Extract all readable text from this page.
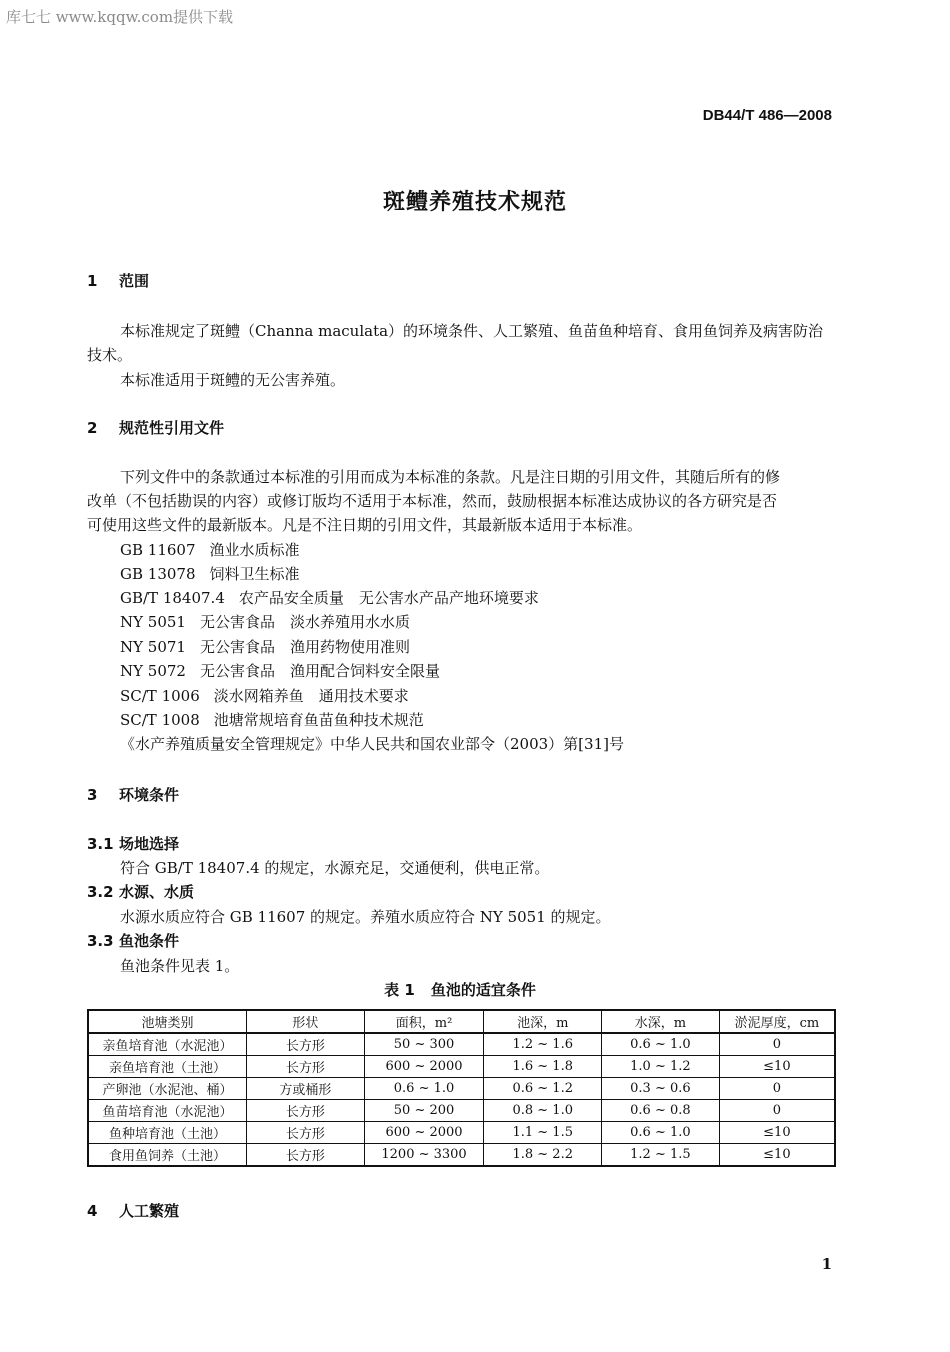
库七七 www.kqqw.com提供下载
DB44/T 486—2008
斑鳢养殖技术规范
1 范围
本标准规定了斑鳢（Channa maculata）的环境条件、人工繁殖、鱼苗鱼种培育、食用鱼饲养及病害防治
技术。
本标准适用于斑鳢的无公害养殖。
2 规范性引用文件
下列文件中的条款通过本标准的引用而成为本标准的条款。凡是注日期的引用文件，其随后所有的修
改单（不包括勘误的内容）或修订版均不适用于本标准，然而，鼓励根据本标准达成协议的各方研究是否
可使用这些文件的最新版本。凡是不注日期的引用文件，其最新版本适用于本标准。
GB 11607 渔业水质标准
GB 13078 饲料卫生标准
GB/T 18407.4 农产品安全质量　无公害水产品产地环境要求
NY 5051 无公害食品　淡水养殖用水水质
NY 5071 无公害食品　渔用药物使用准则
NY 5072 无公害食品　渔用配合饲料安全限量
SC/T 1006 淡水网箱养鱼　通用技术要求
SC/T 1008 池塘常规培育鱼苗鱼种技术规范
《水产养殖质量安全管理规定》中华人民共和国农业部令（2003）第[31]号
3 环境条件
3.1 场地选择
符合 GB/T 18407.4 的规定，水源充足，交通便利，供电正常。
3.2 水源、水质
水源水质应符合 GB 11607 的规定。养殖水质应符合 NY 5051 的规定。
3.3 鱼池条件
鱼池条件见表 1。
表 1 鱼池的适宜条件
池塘类别	形状	面积，m²	池深，m	水深，m	淤泥厚度，cm
亲鱼培育池（水泥池）	长方形	50 ~ 300	1.2 ~ 1.6	0.6 ~ 1.0	0
亲鱼培育池（土池）	长方形	600 ~ 2000	1.6 ~ 1.8	1.0 ~ 1.2	≤10
产卵池（水泥池、桶）	方或桶形	0.6 ~ 1.0	0.6 ~ 1.2	0.3 ~ 0.6	0
鱼苗培育池（水泥池）	长方形	50 ~ 200	0.8 ~ 1.0	0.6 ~ 0.8	0
鱼种培育池（土池）	长方形	600 ~ 2000	1.1 ~ 1.5	0.6 ~ 1.0	≤10
食用鱼饲养（土池）	长方形	1200 ~ 3300	1.8 ~ 2.2	1.2 ~ 1.5	≤10
4 人工繁殖
1
